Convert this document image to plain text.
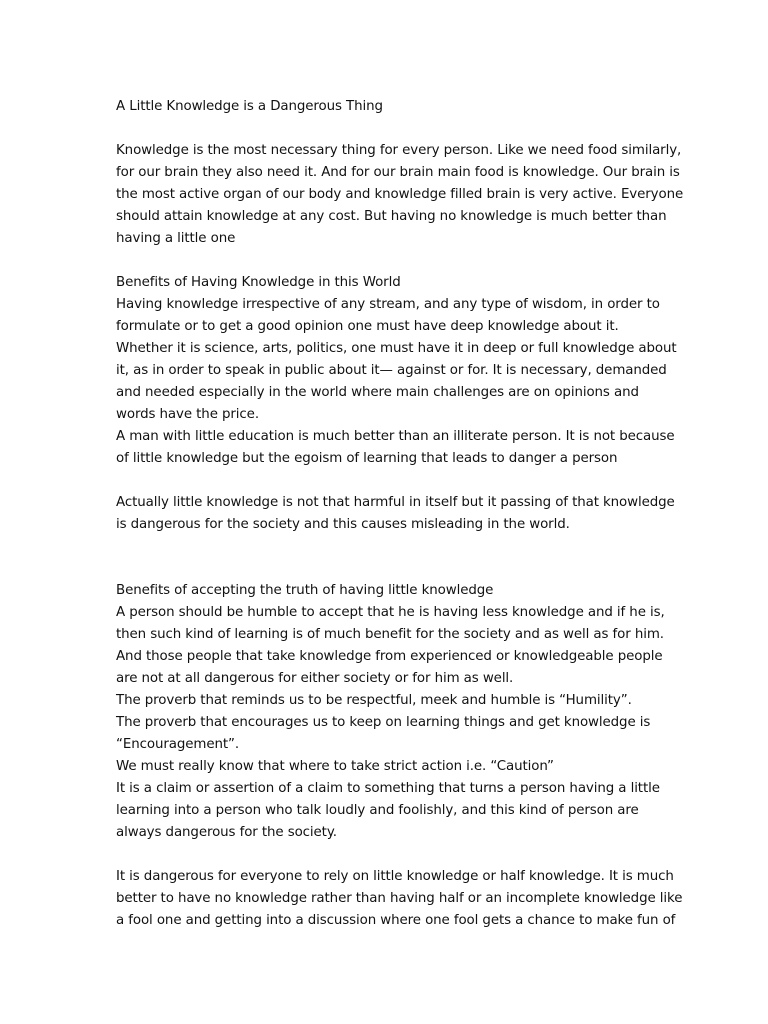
A Little Knowledge is a Dangerous Thing
Knowledge is the most necessary thing for every person. Like we need food similarly,
for our brain they also need it. And for our brain main food is knowledge. Our brain is
the most active organ of our body and knowledge filled brain is very active. Everyone
should attain knowledge at any cost. But having no knowledge is much better than
having a little one
Benefits of Having Knowledge in this World
Having knowledge irrespective of any stream, and any type of wisdom, in order to
formulate or to get a good opinion one must have deep knowledge about it.
Whether it is science, arts, politics, one must have it in deep or full knowledge about
it, as in order to speak in public about it— against or for. It is necessary, demanded
and needed especially in the world where main challenges are on opinions and
words have the price.
A man with little education is much better than an illiterate person. It is not because
of little knowledge but the egoism of learning that leads to danger a person
Actually little knowledge is not that harmful in itself but it passing of that knowledge
is dangerous for the society and this causes misleading in the world.
Benefits of accepting the truth of having little knowledge
A person should be humble to accept that he is having less knowledge and if he is,
then such kind of learning is of much benefit for the society and as well as for him.
And those people that take knowledge from experienced or knowledgeable people
are not at all dangerous for either society or for him as well.
The proverb that reminds us to be respectful, meek and humble is “Humility”.
The proverb that encourages us to keep on learning things and get knowledge is
“Encouragement”.
We must really know that where to take strict action i.e. “Caution”
It is a claim or assertion of a claim to something that turns a person having a little
learning into a person who talk loudly and foolishly, and this kind of person are
always dangerous for the society.
It is dangerous for everyone to rely on little knowledge or half knowledge. It is much
better to have no knowledge rather than having half or an incomplete knowledge like
a fool one and getting into a discussion where one fool gets a chance to make fun of
